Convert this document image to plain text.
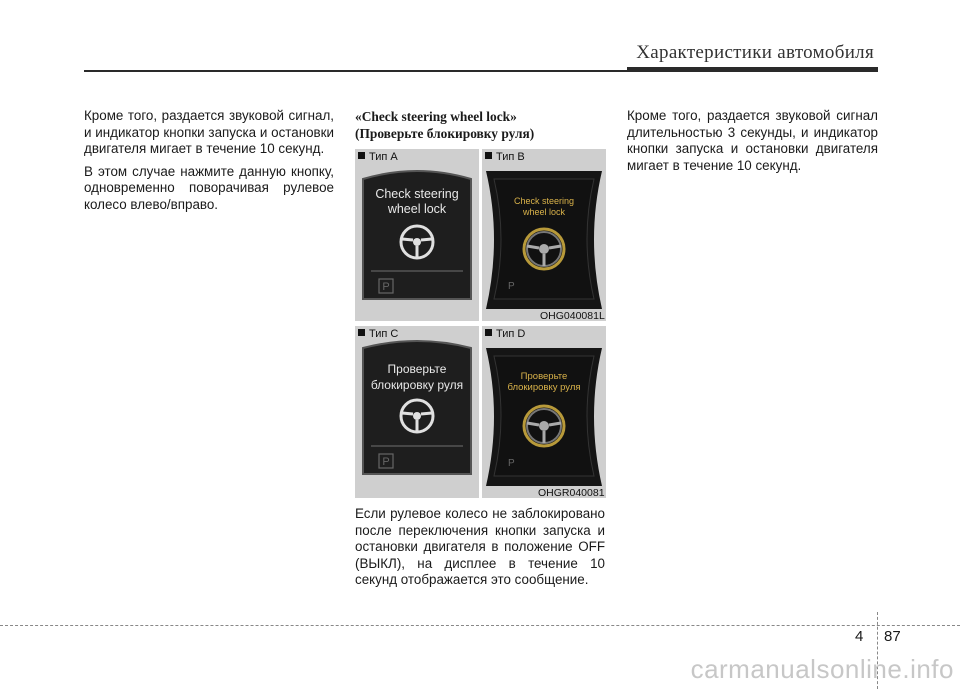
Характеристики автомобиля

Кроме того, раздается звуковой сигнал, и индикатор кнопки запуска и остановки двигателя мигает в течение 10 секунд.

В этом случае нажмите данную кнопку, одновременно поворачивая рулевое колесо влево/вправо.

«Check steering wheel lock»
(Проверьте блокировку руля)
Тип A
P
Check steering
wheel lock
Тип B
P
Check steering
wheel lock
OHG040081L
Тип C
P
Проверьте
блокировку руля
Тип D
P
Проверьте
блокировку руля
OHGR040081
Если рулевое колесо не заблокировано после переключения кнопки запуска и остановки двигателя в положение OFF (ВЫКЛ), на дисплее в течение 10 секунд отображается это сообщение.

Кроме того, раздается звуковой сигнал длительностью 3 секунды, и индикатор кнопки запуска и остановки двигателя мигает в течение 10 секунд.

4 87
carmanualsonline.info
